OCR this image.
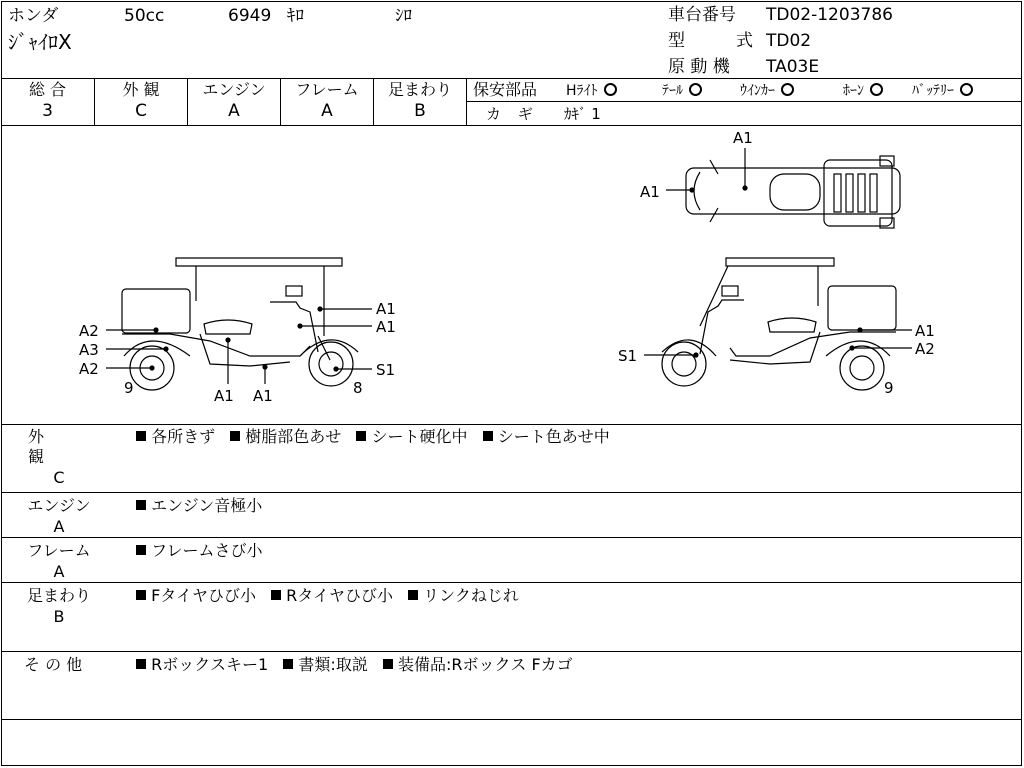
ホンダ	50cc	6949 ｷﾛ	ｼﾛ
ｼﾞｬｲﾛX
車台番号 TD02-1203786
型	式 TD02
原 動 機 TA03E
総 合
3
外 観
C
エンジン
A
フレーム
A
足まわり
B
保安部品 Hﾗｲﾄ	ﾃｰﾙ	ｳｲﾝｶｰ	ﾎｰﾝ	ﾊﾞｯﾃﾘｰ
カ ギ ｶｷﾞ 1
A1
A1
A2
A3
A2
A1
A1
A1 A1
S1
9	8
S1
A1
A2
9
外 観
C
各所きず 樹脂部色あせ シート硬化中 シート色あせ中
エンジン
A
エンジン音極小
フレーム
A
フレームさび小
足まわり
B
Fタイヤひび小 Rタイヤひび小 リンクねじれ
そ の 他	Rボックスキー1 書類:取説 装備品:Rボックス Fカゴ
